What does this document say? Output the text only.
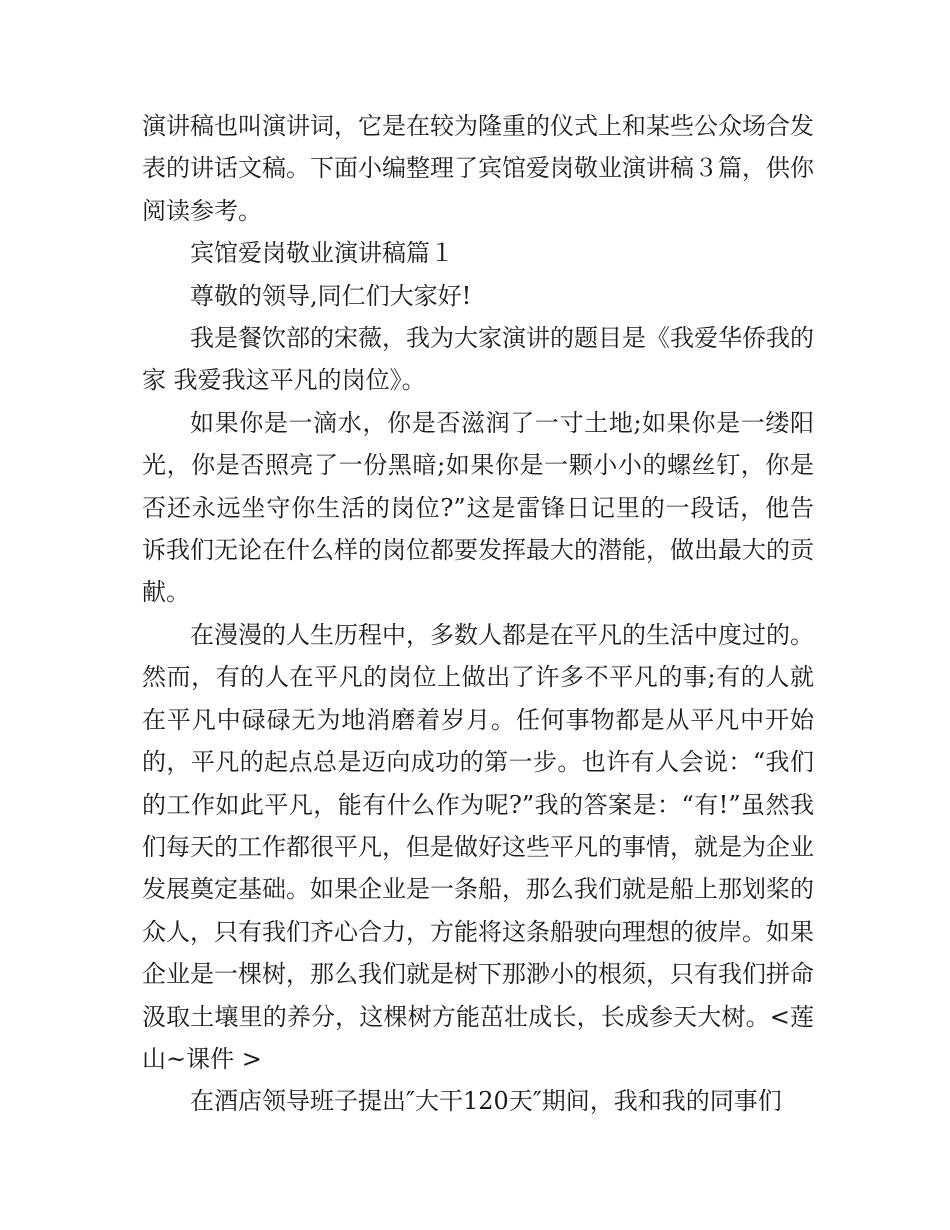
演讲稿也叫演讲词，它是在较为隆重的仪式上和某些公众场合发表的讲话文稿。下面小编整理了宾馆爱岗敬业演讲稿３篇，供你阅读参考。

宾馆爱岗敬业演讲稿篇１

尊敬的领导,同仁们大家好!

我是餐饮部的宋薇，我为大家演讲的题目是《我爱华侨我的家 我爱我这平凡的岗位》。

如果你是一滴水，你是否滋润了一寸土地;如果你是一缕阳光，你是否照亮了一份黑暗;如果你是一颗小小的螺丝钉，你是否还永远坐守你生活的岗位?”这是雷锋日记里的一段话，他告诉我们无论在什么样的岗位都要发挥最大的潜能，做出最大的贡献。

在漫漫的人生历程中，多数人都是在平凡的生活中度过的。然而，有的人在平凡的岗位上做出了许多不平凡的事;有的人就在平凡中碌碌无为地消磨着岁月。任何事物都是从平凡中开始的，平凡的起点总是迈向成功的第一步。也许有人会说：“我们的工作如此平凡，能有什么作为呢?”我的答案是：“有!”虽然我们每天的工作都很平凡，但是做好这些平凡的事情，就是为企业发展奠定基础。如果企业是一条船，那么我们就是船上那划桨的众人，只有我们齐心合力，方能将这条船驶向理想的彼岸。如果企业是一棵树，那么我们就是树下那渺小的根须，只有我们拼命汲取土壤里的养分，这棵树方能茁壮成长，长成参天大树。<莲 山~课件 >

在酒店领导班子提出″大干120天″期间，我和我的同事们
